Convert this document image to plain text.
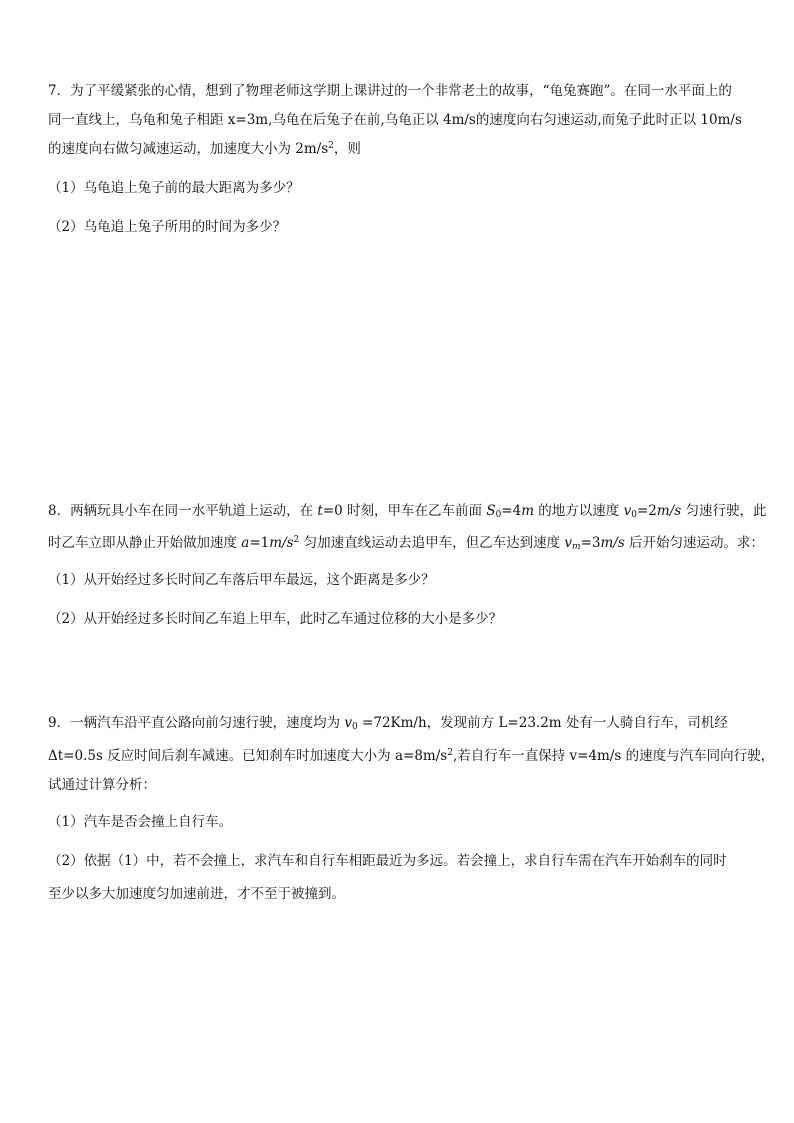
7．为了平缓紧张的心情，想到了物理老师这学期上课讲过的一个非常老土的故事，“龟兔赛跑”。在同一水平面上的
同一直线上，乌龟和兔子相距 x=3m,乌龟在后兔子在前,乌龟正以 4m/s的速度向右匀速运动,而兔子此时正以 10m/s
的速度向右做匀减速运动，加速度大小为 $2m/s^2$，则
（1）乌龟追上兔子前的最大距离为多少？
（2）乌龟追上兔子所用的时间为多少？
8．两辆玩具小车在同一水平轨道上运动，在 t=0 时刻，甲车在乙车前面 $S_0=4m$ 的地方以速度 $v_0=2m/s$ 匀速行驶，此
时乙车立即从静止开始做加速度 $a=1m/s^2$ 匀加速直线运动去追甲车，但乙车达到速度 $v_m=3m/s$ 后开始匀速运动。求：
（1）从开始经过多长时间乙车落后甲车最远，这个距离是多少？
（2）从开始经过多长时间乙车追上甲车，此时乙车通过位移的大小是多少？
9．一辆汽车沿平直公路向前匀速行驶，速度均为 $v_0 =72Km/h$，发现前方 L=23.2m 处有一人骑自行车，司机经
Δt=0.5s 反应时间后刹车减速。已知刹车时加速度大小为 $a=8m/s^2$,若自行车一直保持 v=4m/s 的速度与汽车同向行驶，
试通过计算分析：
（1）汽车是否会撞上自行车。
（2）依据（1）中，若不会撞上，求汽车和自行车相距最近为多远。若会撞上，求自行车需在汽车开始刹车的同时
至少以多大加速度匀加速前进，才不至于被撞到。
